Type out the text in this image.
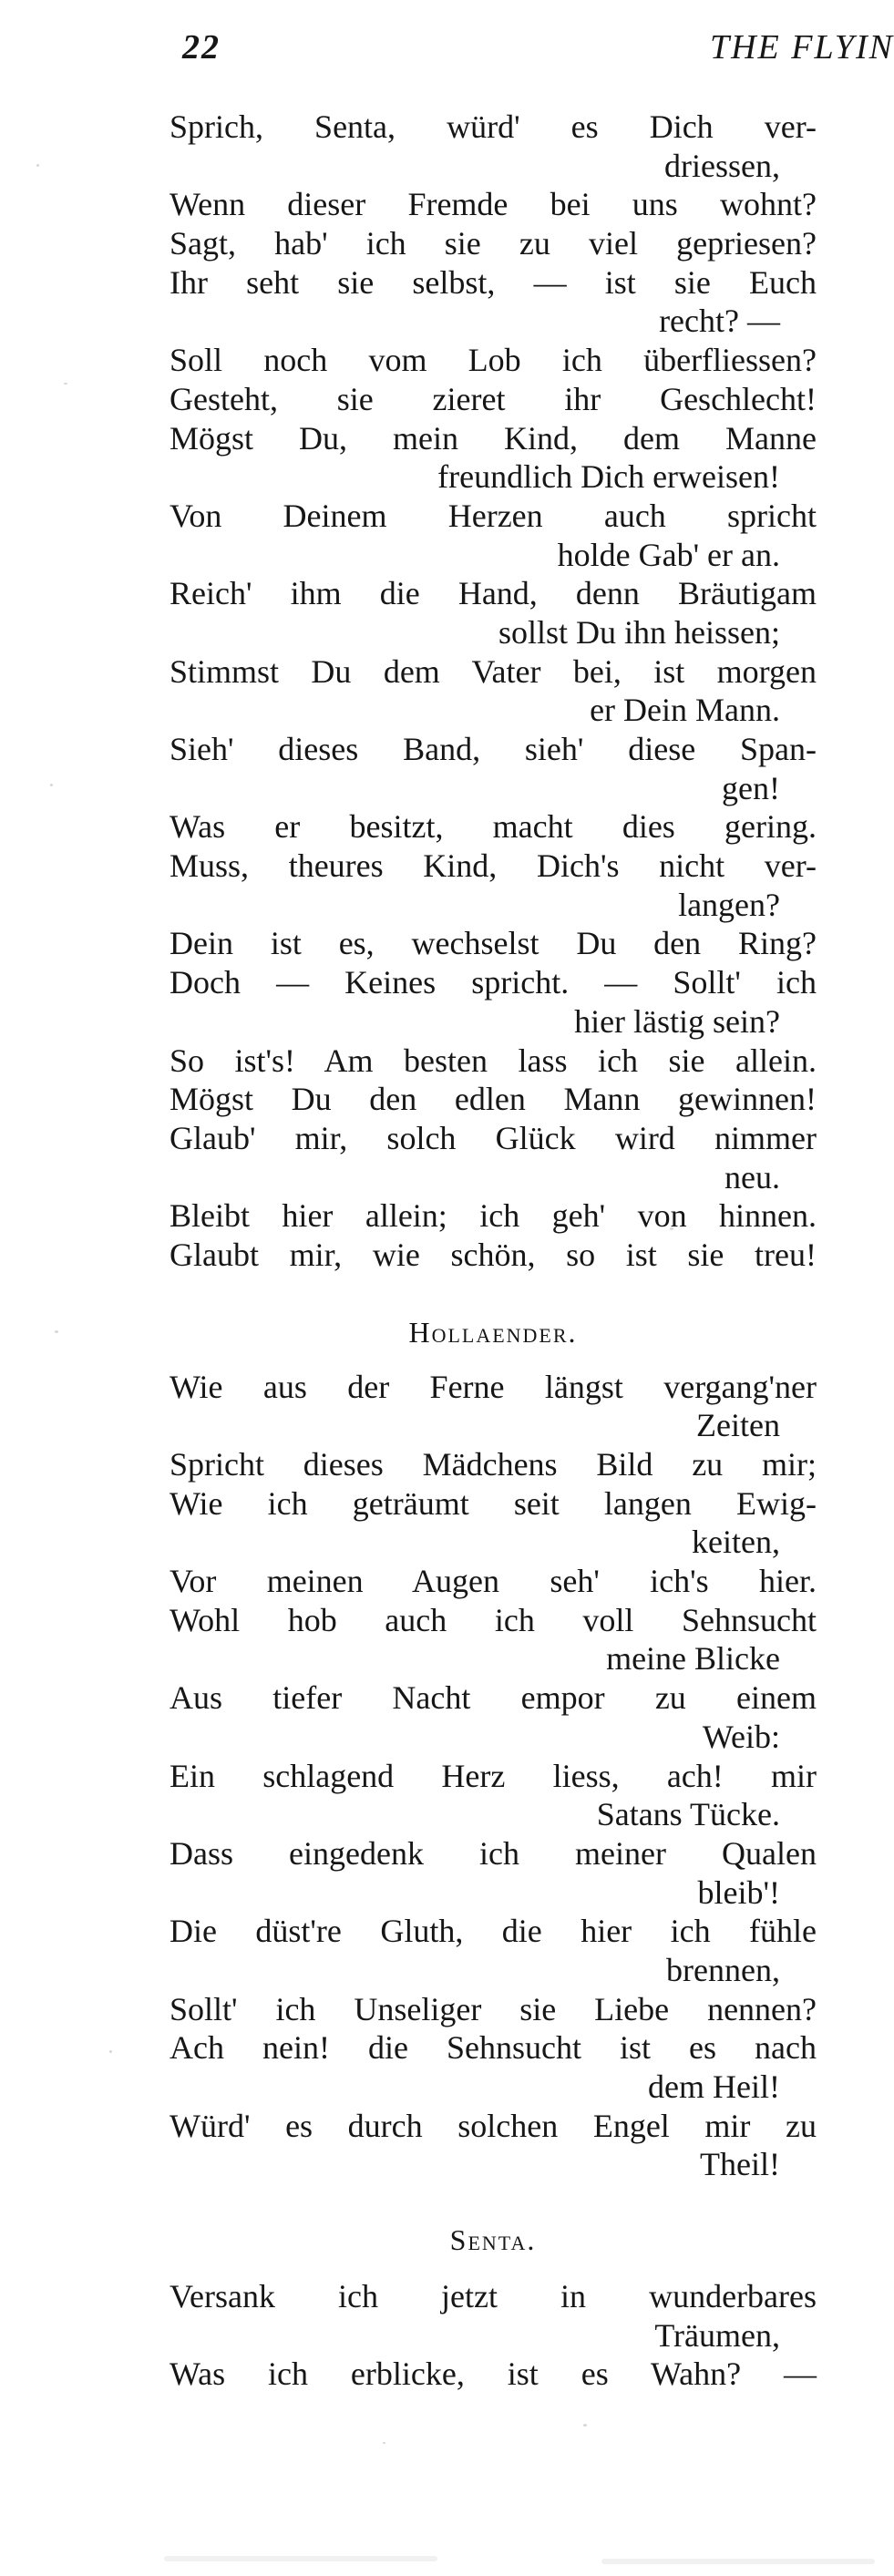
22	THE FLYIN
Sprich, Senta, würd' es Dich ver-
driessen,
Wenn dieser Fremde bei uns wohnt?
Sagt, hab' ich sie zu viel gepriesen?
Ihr seht sie selbst, — ist sie Euch
recht? —
Soll noch vom Lob ich überfliessen?
Gesteht, sie zieret ihr Geschlecht!
Mögst Du, mein Kind, dem Manne
freundlich Dich erweisen!
Von Deinem Herzen auch spricht
holde Gab' er an.
Reich' ihm die Hand, denn Bräutigam
sollst Du ihn heissen;
Stimmst Du dem Vater bei, ist morgen
er Dein Mann.
Sieh' dieses Band, sieh' diese Span-
gen!
Was er besitzt, macht dies gering.
Muss, theures Kind, Dich's nicht ver-
langen?
Dein ist es, wechselst Du den Ring?
Doch — Keines spricht. — Sollt' ich
hier lästig sein?
So ist's! Am besten lass ich sie allein.
Mögst Du den edlen Mann gewinnen!
Glaub' mir, solch Glück wird nimmer
neu.
Bleibt hier allein; ich geh' von hinnen.
Glaubt mir, wie schön, so ist sie treu!
Hollaender.
Wie aus der Ferne längst vergang'ner
Zeiten
Spricht dieses Mädchens Bild zu mir;
Wie ich geträumt seit langen Ewig-
keiten,
Vor meinen Augen seh' ich's hier.
Wohl hob auch ich voll Sehnsucht
meine Blicke
Aus tiefer Nacht empor zu einem
Weib:
Ein schlagend Herz liess, ach! mir
Satans Tücke.
Dass eingedenk ich meiner Qualen
bleib'!
Die düst're Gluth, die hier ich fühle
brennen,
Sollt' ich Unseliger sie Liebe nennen?
Ach nein! die Sehnsucht ist es nach
dem Heil!
Würd' es durch solchen Engel mir zu
Theil!
Senta.
Versank ich jetzt in wunderbares
Träumen,
Was ich erblicke, ist es Wahn? —
